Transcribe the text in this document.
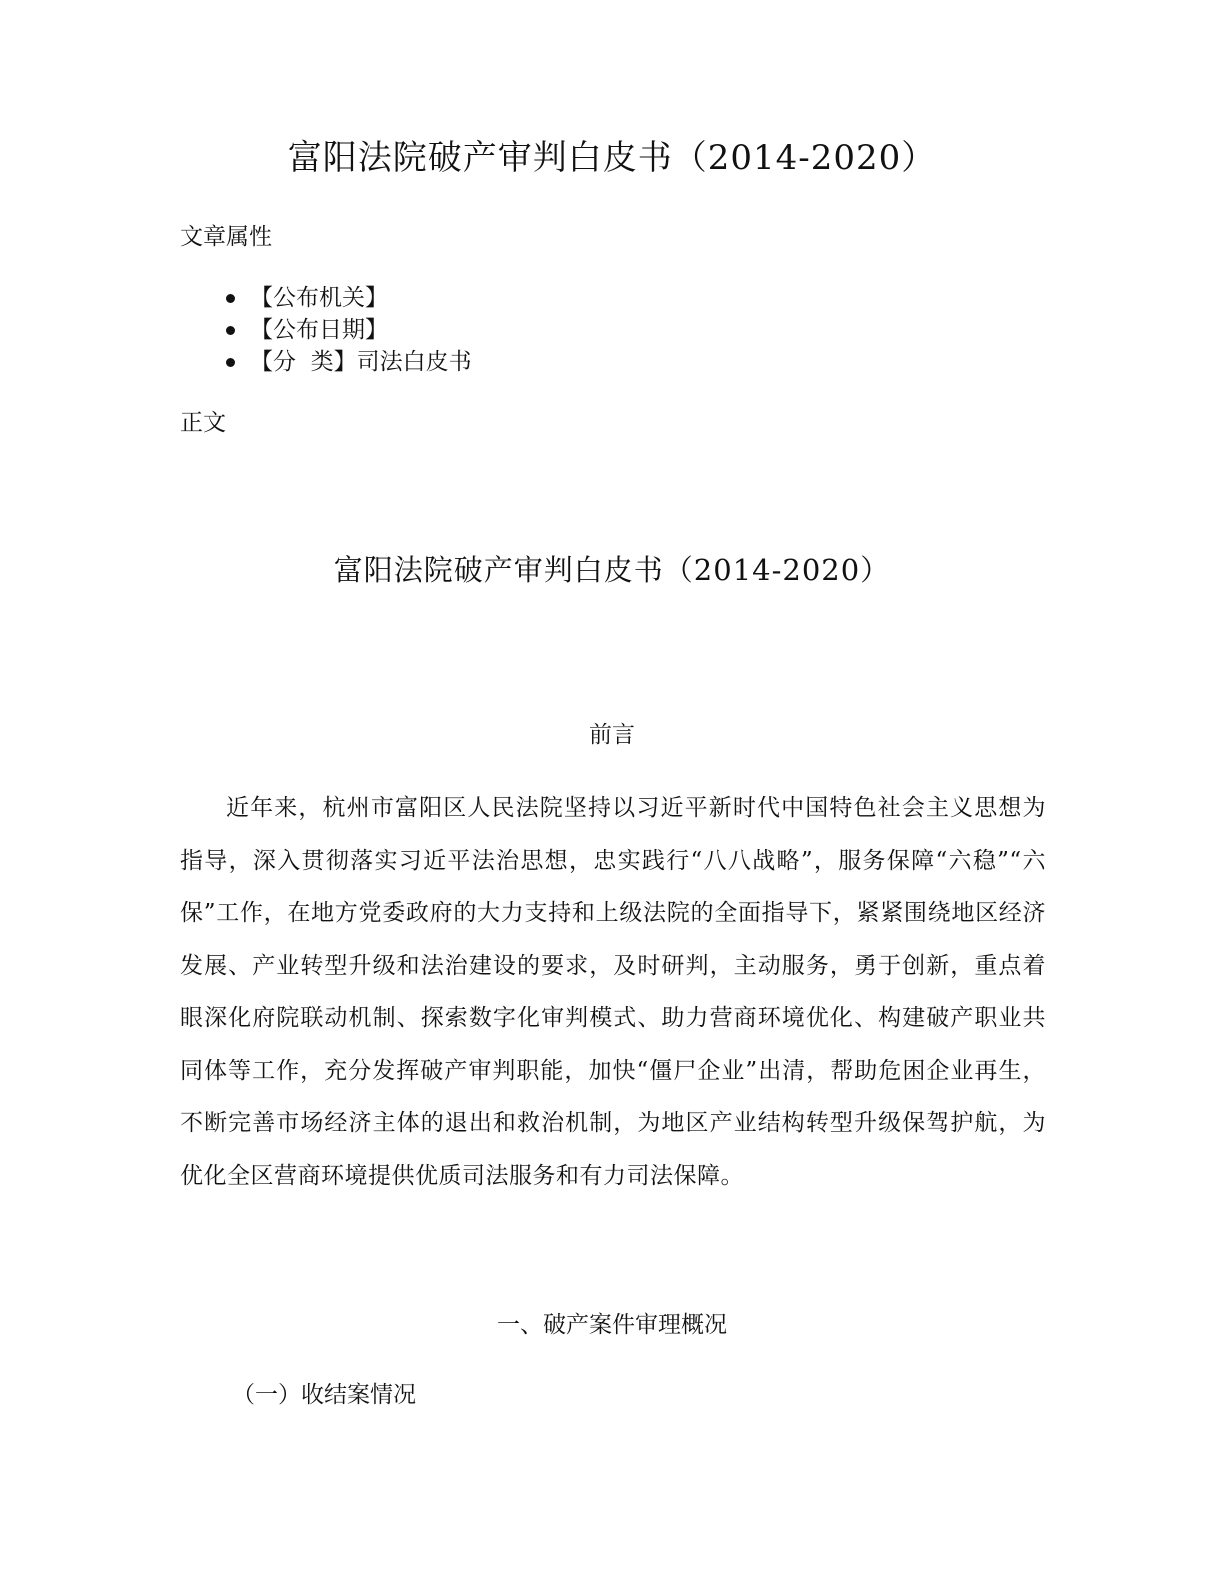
富阳法院破产审判白皮书（2014-2020）

文章属性

【公布机关】
【公布日期】
【分  类】司法白皮书

正文

富阳法院破产审判白皮书（2014-2020）
前言

近年来，杭州市富阳区人民法院坚持以习近平新时代中国特色社会主义思想为指导，深入贯彻落实习近平法治思想，忠实践行“八八战略”，服务保障“六稳”“六保”工作，在地方党委政府的大力支持和上级法院的全面指导下，紧紧围绕地区经济发展、产业转型升级和法治建设的要求，及时研判，主动服务，勇于创新，重点着眼深化府院联动机制、探索数字化审判模式、助力营商环境优化、构建破产职业共同体等工作，充分发挥破产审判职能，加快“僵尸企业”出清，帮助危困企业再生，不断完善市场经济主体的退出和救治机制，为地区产业结构转型升级保驾护航，为优化全区营商环境提供优质司法服务和有力司法保障。

一、破产案件审理概况
（一）收结案情况
